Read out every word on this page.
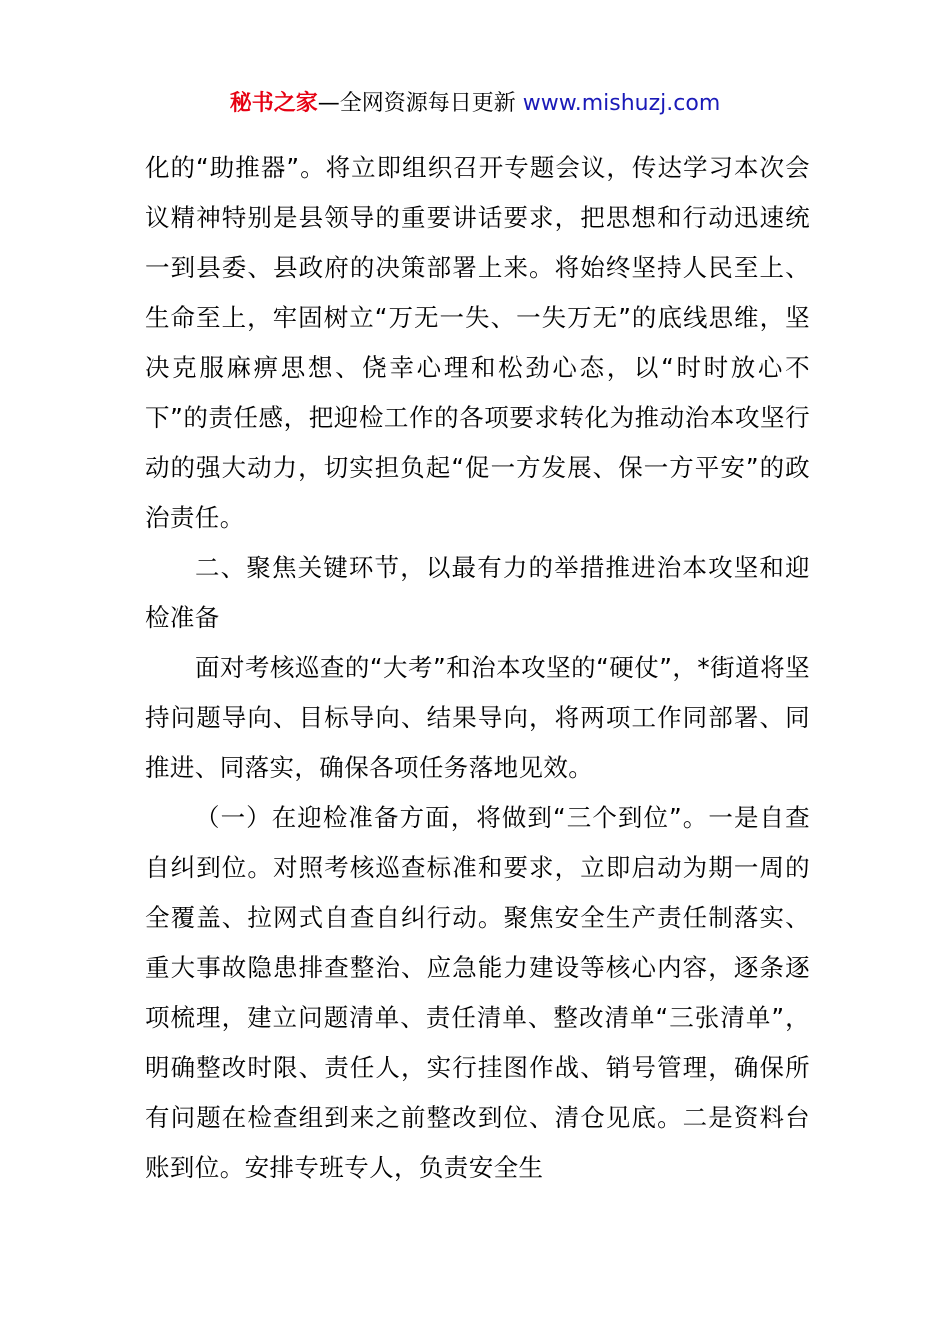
秘书之家—全网资源每日更新 www.mishuzj.com

化的“助推器”。将立即组织召开专题会议，传达学习本次会议精神特别是县领导的重要讲话要求，把思想和行动迅速统一到县委、县政府的决策部署上来。将始终坚持人民至上、生命至上，牢固树立“万无一失、一失万无”的底线思维，坚决克服麻痹思想、侥幸心理和松劲心态，以“时时放心不下”的责任感，把迎检工作的各项要求转化为推动治本攻坚行动的强大动力，切实担负起“促一方发展、保一方平安”的政治责任。

二、聚焦关键环节，以最有力的举措推进治本攻坚和迎检准备

面对考核巡查的“大考”和治本攻坚的“硬仗”，*街道将坚持问题导向、目标导向、结果导向，将两项工作同部署、同推进、同落实，确保各项任务落地见效。

（一）在迎检准备方面，将做到“三个到位”。一是自查自纠到位。对照考核巡查标准和要求，立即启动为期一周的全覆盖、拉网式自查自纠行动。聚焦安全生产责任制落实、重大事故隐患排查整治、应急能力建设等核心内容，逐条逐项梳理，建立问题清单、责任清单、整改清单“三张清单”，明确整改时限、责任人，实行挂图作战、销号管理，确保所有问题在检查组到来之前整改到位、清仓见底。二是资料台账到位。安排专班专人，负责安全生
